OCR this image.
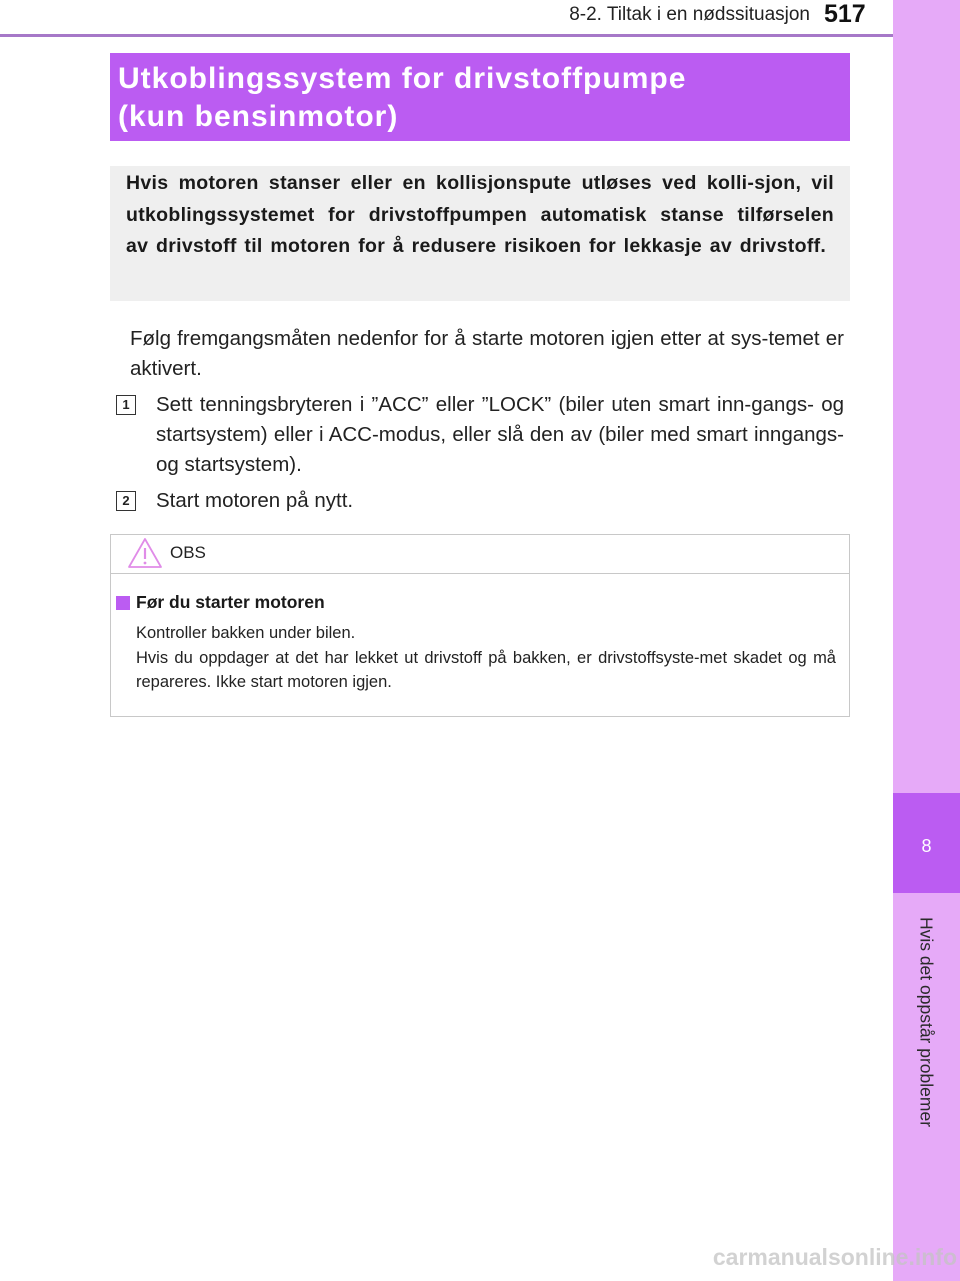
8-2. Tiltak i en nødssituasjon 517
8
Hvis det oppstår problemer
Utkoblingssystem for drivstoffpumpe
(kun bensinmotor)
Hvis motoren stanser eller en kollisjonspute utløses ved kolli-sjon, vil utkoblingssystemet for drivstoffpumpen automatisk stanse tilførselen av drivstoff til motoren for å redusere risikoen for lekkasje av drivstoff.
Følg fremgangsmåten nedenfor for å starte motoren igjen etter at sys-temet er aktivert.
1	Sett tenningsbryteren i ”ACC” eller ”LOCK” (biler uten smart inn-gangs- og startsystem) eller i ACC-modus, eller slå den av (biler med smart inngangs- og startsystem).
2	Start motoren på nytt.
OBS
Før du starter motoren

Kontroller bakken under bilen.

Hvis du oppdager at det har lekket ut drivstoff på bakken, er drivstoffsyste-met skadet og må repareres. Ikke start motoren igjen.

carmanualsonline.info
